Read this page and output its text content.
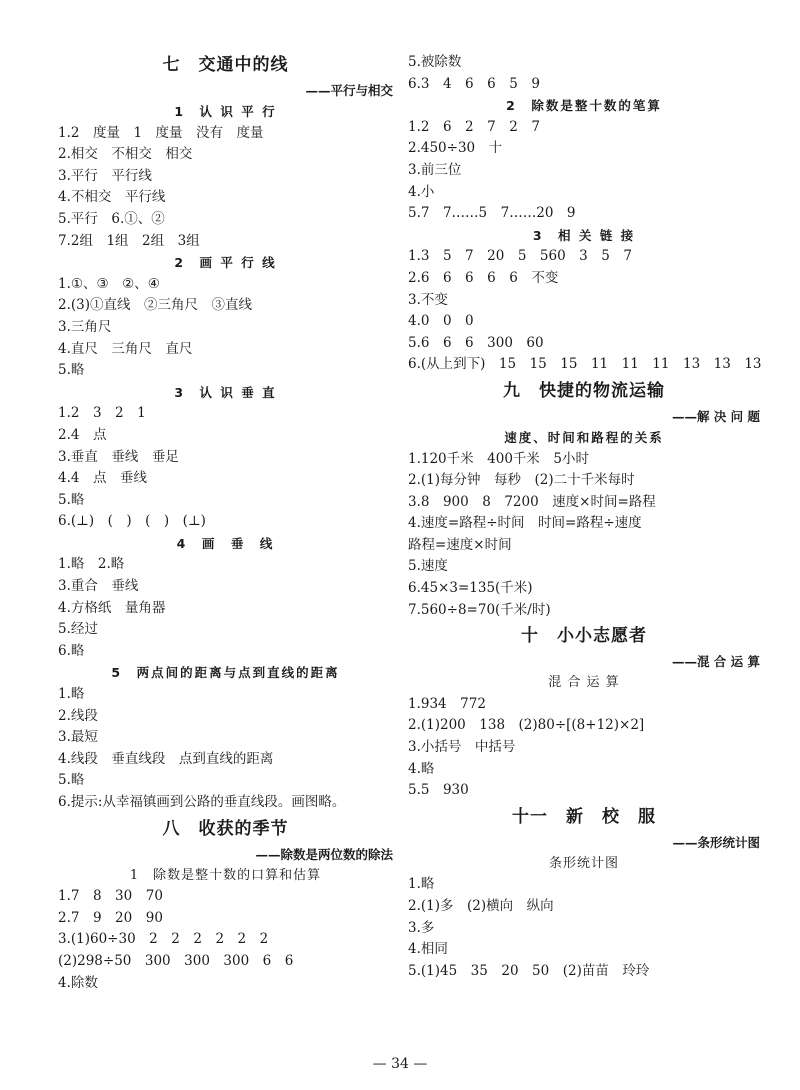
七　交通中的线
——平行与相交
1　认 识 平 行
1.2　度量　1　度量　没有　度量
2.相交　不相交　相交
3.平行　平行线
4.不相交　平行线
5.平行　6.①、②
7.2组　1组　2组　3组
2　画 平 行 线
1.①、③　②、④
2.(3)①直线　②三角尺　③直线
3.三角尺
4.直尺　三角尺　直尺
5.略
3　认 识 垂 直
1.2　3　2　1
2.4　点
3.垂直　垂线　垂足
4.4　点　垂线
5.略
6.(⊥)　(　)　(　)　(⊥)
4　画　垂　线
1.略　2.略
3.重合　垂线
4.方格纸　量角器
5.经过
6.略
5　两点间的距离与点到直线的距离
1.略
2.线段
3.最短
4.线段　垂直线段　点到直线的距离
5.略
6.提示:从幸福镇画到公路的垂直线段。画图略。
八　收获的季节
——除数是两位数的除法
1　除数是整十数的口算和估算
1.7　8　30　70
2.7　9　20　90
3.(1)60÷30　2　2　2　2　2　2
(2)298÷50　300　300　300　6　6
4.除数
5.被除数
6.3　4　6　6　5　9
2　除数是整十数的笔算
1.2　6　2　7　2　7
2.450÷30　十
3.前三位
4.小
5.7　7……5　7……20　9
3　相 关 链 接
1.3　5　7　20　5　560　3　5　7
2.6　6　6　6　6　不变
3.不变
4.0　0　0
5.6　6　6　300　60
6.(从上到下)　15　15　15　11　11　11　13　13　13
九　快捷的物流运输
——解 决 问 题
速度、时间和路程的关系
1.120千米　400千米　5小时
2.(1)每分钟　每秒　(2)二十千米每时
3.8　900　8　7200　速度×时间=路程
4.速度=路程÷时间　时间=路程÷速度
路程=速度×时间
5.速度
6.45×3=135(千米)
7.560÷8=70(千米/时)
十　小小志愿者
——混 合 运 算
混 合 运 算
1.934　772
2.(1)200　138　(2)80÷[(8+12)×2]
3.小括号　中括号
4.略
5.5　930
十一　新　校　服
——条形统计图
条形统计图
1.略
2.(1)多　(2)横向　纵向
3.多
4.相同
5.(1)45　35　20　50　(2)苗苗　玲玲
— 34 —
